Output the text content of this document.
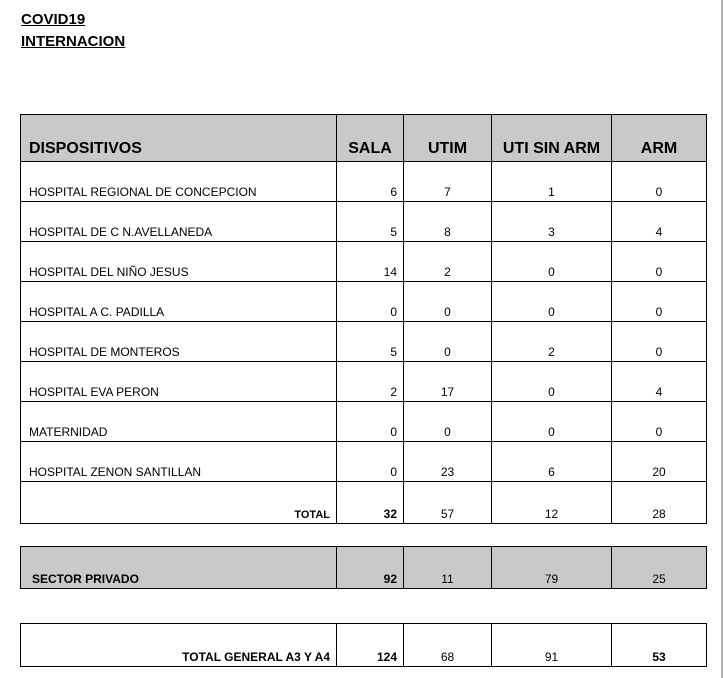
COVID19
INTERNACION
DISPOSITIVOS	SALA	UTIM	UTI SIN ARM	ARM
HOSPITAL REGIONAL DE CONCEPCION	6	7	1	0
HOSPITAL DE C N.AVELLANEDA	5	8	3	4
HOSPITAL DEL NIÑO JESUS	14	2	0	0
HOSPITAL A C. PADILLA	0	0	0	0
HOSPITAL DE MONTEROS	5	0	2	0
HOSPITAL EVA PERON	2	17	0	4
MATERNIDAD	0	0	0	0
HOSPITAL ZENON SANTILLAN	0	23	6	20
TOTAL	32	57	12	28
SECTOR PRIVADO	92	11	79	25
TOTAL GENERAL A3 Y A4	124	68	91	53
